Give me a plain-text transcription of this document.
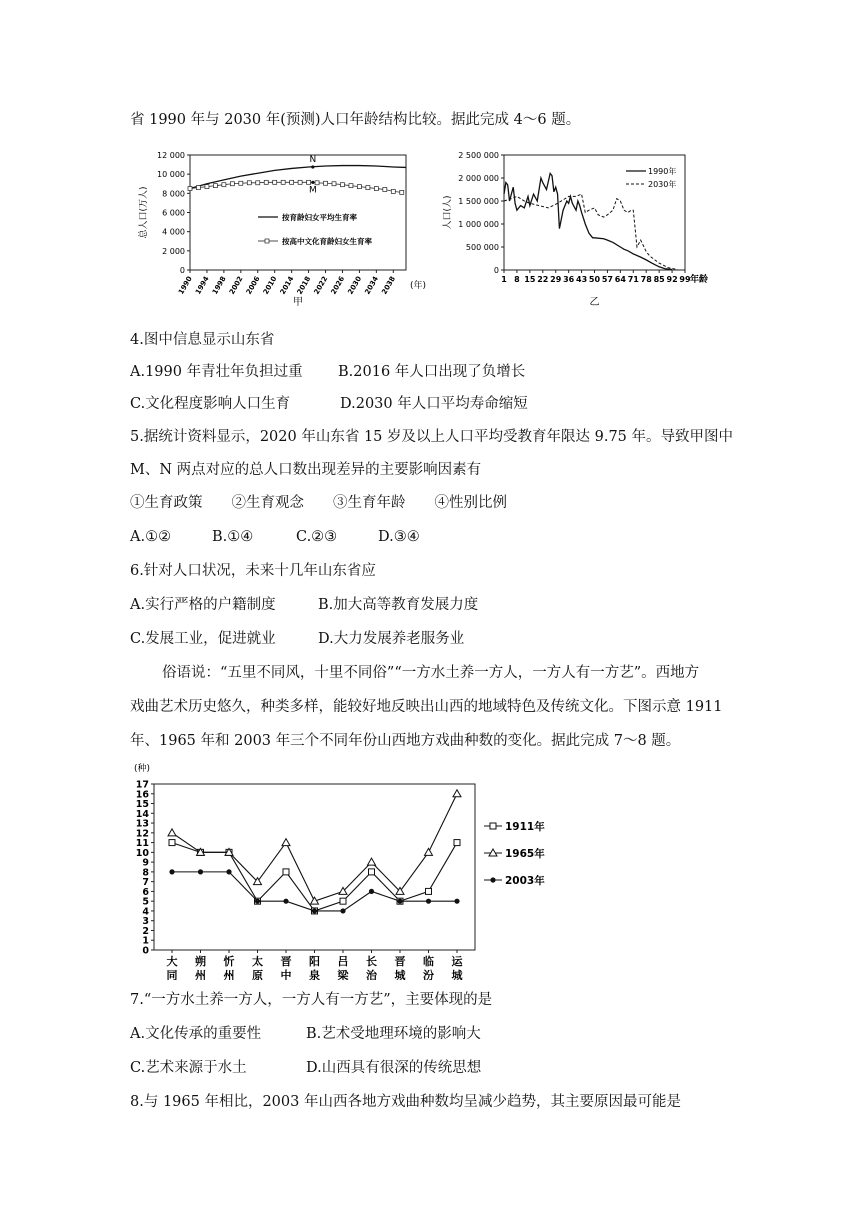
省 1990 年与 2030 年(预测)人口年龄结构比较。据此完成 4～6 题。
0
2 000
4 000
6 000
8 000
10 000
12 000
1990 1994 1998 2002 2006 2010 2014 2018 2022 2026 2030 2034 2038 (年)
总人口(万人)
甲
N
M
按育龄妇女平均生育率
按高中文化育龄妇女生育率
0
500 000
1 000 000
1 500 000
2 000 000
2 500 000
1 8 15 22 29 36 43 50 57 64 71 78 85 92 99 年龄
人口(人)
乙
1990年
2030年
4.图中信息显示山东省
A.1990 年青壮年负担过重 B.2016 年人口出现了负增长
C.文化程度影响人口生育	D.2030 年人口平均寿命缩短
5.据统计资料显示，2020 年山东省 15 岁及以上人口平均受教育年限达 9.75 年。导致甲图中
M、N 两点对应的总人口数出现差异的主要影响因素有
①生育政策　　②生育观念　　③生育年龄　　④性别比例
A.①②	B.①④	C.②③	D.③④
6.针对人口状况，未来十几年山东省应
A.实行严格的户籍制度	B.加大高等教育发展力度
C.发展工业，促进就业	D.大力发展养老服务业
俗语说：“五里不同风，十里不同俗”“一方水土养一方人，一方人有一方艺”。西地方
戏曲艺术历史悠久，种类多样，能较好地反映出山西的地域特色及传统文化。下图示意 1911
年、1965 年和 2003 年三个不同年份山西地方戏曲种数的变化。据此完成 7～8 题。
(种)
0
1
2
3
4
5
6
7
8
9
10
11
12
13
14
15
16
17
大
同
朔
州
忻
州
太
原
晋
中
阳
泉
吕
梁
长
治
晋
城
临
汾
运
城
1911年
1965年
2003年
7.“一方水土养一方人，一方人有一方艺”，主要体现的是
A.文化传承的重要性	B.艺术受地理环境的影响大
C.艺术来源于水土	D.山西具有很深的传统思想
8.与 1965 年相比，2003 年山西各地方戏曲种数均呈减少趋势，其主要原因最可能是
